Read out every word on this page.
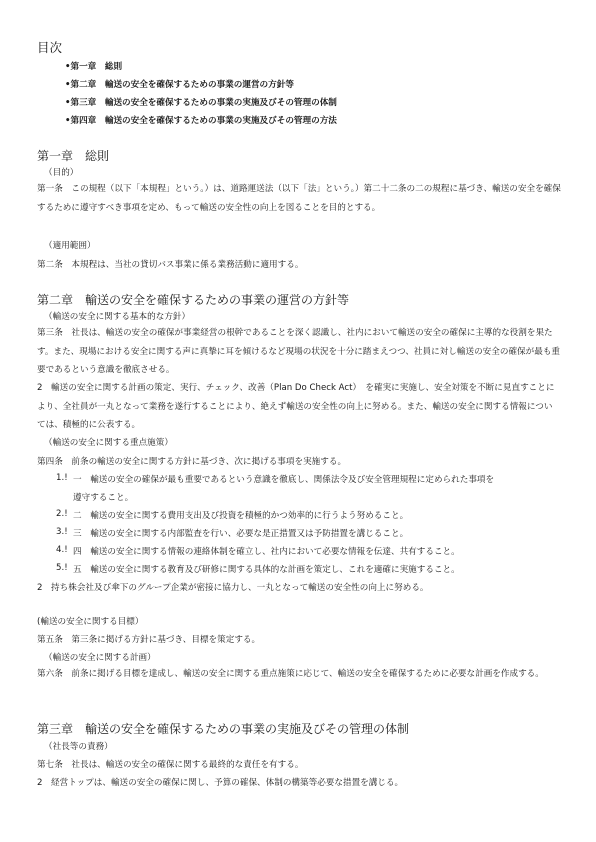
目次
•第一章　総則
•第二章　輸送の安全を確保するための事業の運営の方針等
•第三章　輸送の安全を確保するための事業の実施及びその管理の体制
•第四章　輸送の安全を確保するための事業の実施及びその管理の方法
第一章　総則
（目的）
第一条　この規程（以下「本規程」という。）は、道路運送法（以下「法」という。）第二十二条の二の規程に基づき、輸送の安全を確保するために遵守すべき事項を定め、もって輸送の安全性の向上を図ることを目的とする。
（適用範囲）
第二条　本規程は、当社の貸切バス事業に係る業務活動に適用する。
第二章　輸送の安全を確保するための事業の運営の方針等
（輸送の安全に関する基本的な方針）
第三条　社長は、輸送の安全の確保が事業経営の根幹であることを深く認識し、社内において輸送の安全の確保に主導的な役割を果たす。また、現場における安全に関する声に真摯に耳を傾けるなど現場の状況を十分に踏まえつつ、社員に対し輸送の安全の確保が最も重要であるという意識を徹底させる。
2　輸送の安全に関する計画の策定、実行、チェック、改善（Plan Do Check Act）　を確実に実施し、安全対策を不断に見直すことにより、全社員が一丸となって業務を遂行することにより、絶えず輸送の安全性の向上に努める。また、輸送の安全に関する情報については、積極的に公表する。
（輸送の安全に関する重点施策）
第四条　前条の輸送の安全に関する方針に基づき、次に掲げる事項を実施する。
1.! 一　輸送の安全の確保が最も重要であるという意識を徹底し、関係法令及び安全管理規程に定められた事項を
遵守すること。
2.! 二　輸送の安全に関する費用支出及び投資を積極的かつ効率的に行うよう努めること。
3.! 三　輸送の安全に関する内部監査を行い、必要な是正措置又は予防措置を講じること。
4.! 四　輸送の安全に関する情報の連絡体制を確立し、社内において必要な情報を伝達、共有すること。
5.! 五　輸送の安全に関する教育及び研修に関する具体的な計画を策定し、これを適確に実施すること。
2　持ち株会社及び傘下のグループ企業が密接に協力し、一丸となって輸送の安全性の向上に努める。
(輸送の安全に関する目標）
第五条　第三条に掲げる方針に基づき、目標を策定する。
（輸送の安全に関する計画）
第六条　前条に掲げる目標を達成し、輸送の安全に関する重点施策に応じて、輸送の安全を確保するために必要な計画を作成する。
第三章　輸送の安全を確保するための事業の実施及びその管理の体制
（社長等の責務）
第七条　社長は、輸送の安全の確保に関する最終的な責任を有する。
2　経営トップは、輸送の安全の確保に関し、予算の確保、体制の構築等必要な措置を講じる。
